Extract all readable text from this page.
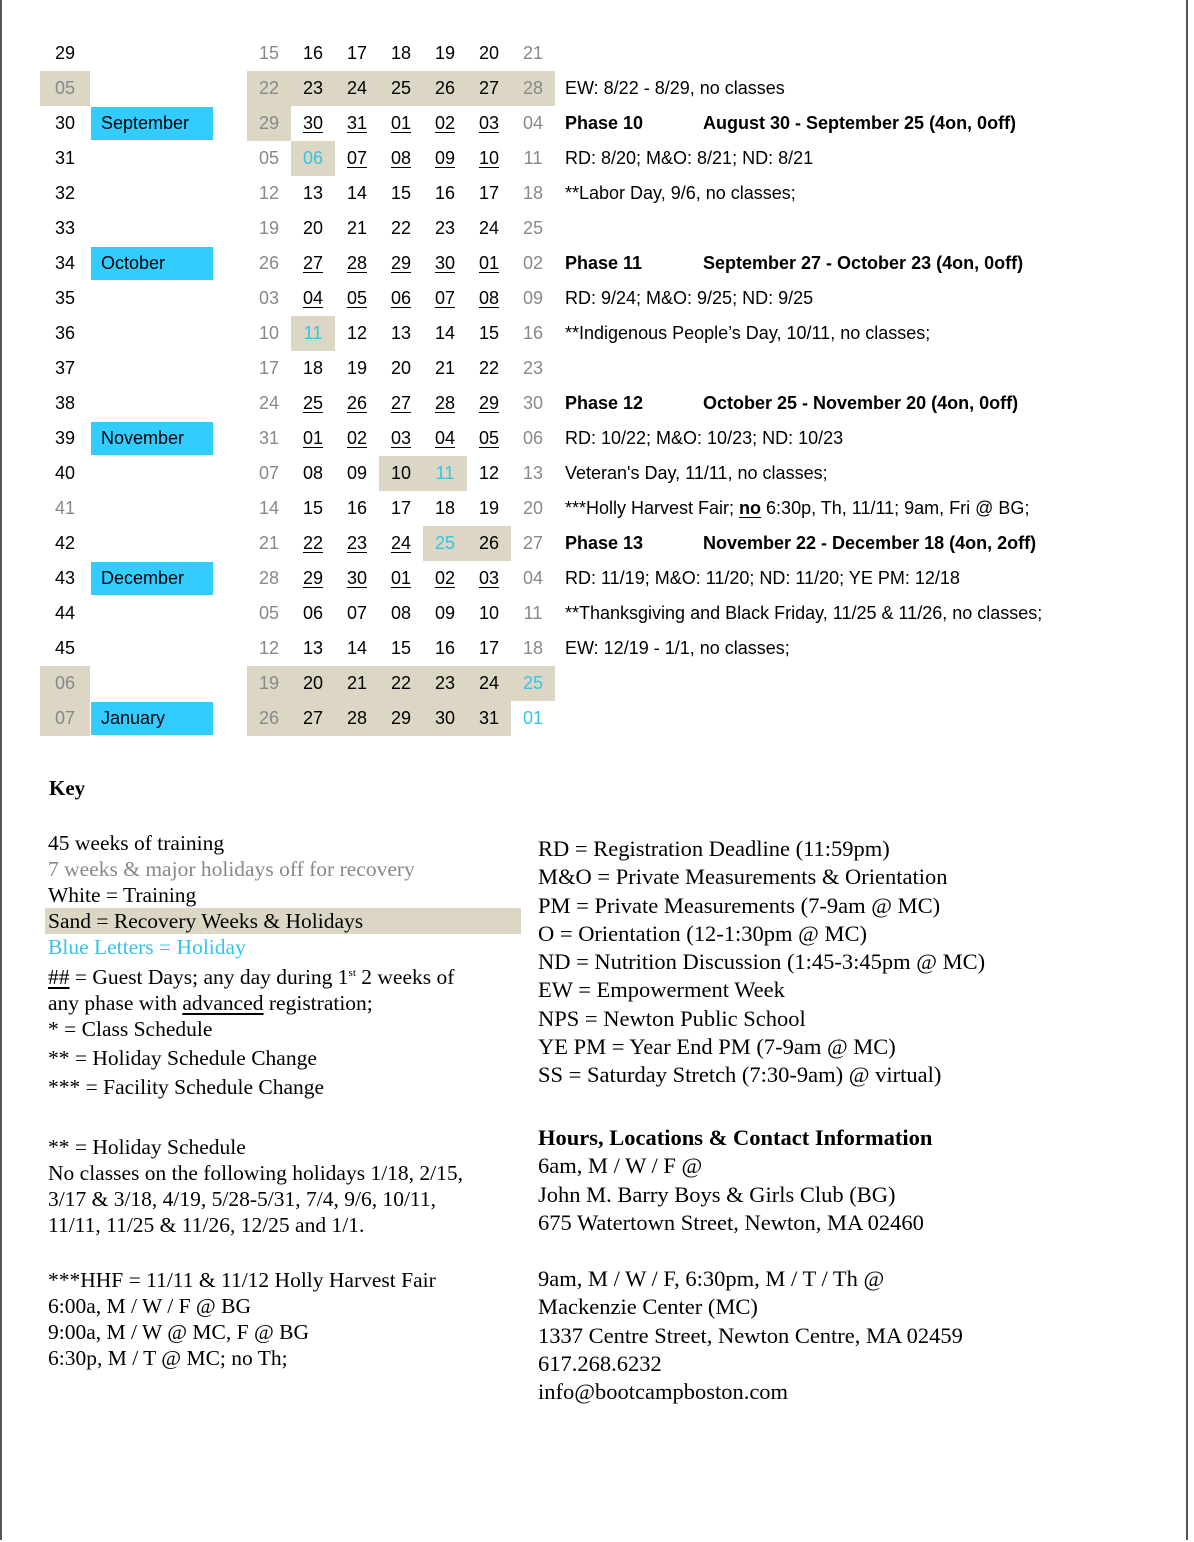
29	15	16	17	18	19	20	21
05	22	23	24	25	26	27	28	EW: 8/22 - 8/29, no classes
30	September	29	30	31	01	02	03	04	Phase 10	August 30 - September 25 (4on, 0off)
31	05	06	07	08	09	10	11	RD: 8/20; M&O: 8/21; ND: 8/21
32	12	13	14	15	16	17	18	**Labor Day, 9/6, no classes;
33	19	20	21	22	23	24	25
34	October	26	27	28	29	30	01	02	Phase 11	September 27 - October 23 (4on, 0off)
35	03	04	05	06	07	08	09	RD: 9/24; M&O: 9/25; ND: 9/25
36	10	11	12	13	14	15	16	**Indigenous People’s Day, 10/11, no classes;
37	17	18	19	20	21	22	23
38	24	25	26	27	28	29	30	Phase 12	October 25 - November 20 (4on, 0off)
39	November	31	01	02	03	04	05	06	RD: 10/22; M&O: 10/23; ND: 10/23
40	07	08	09	10	11	12	13	Veteran's Day, 11/11, no classes;
41	14	15	16	17	18	19	20	***Holly Harvest Fair; no 6:30p, Th, 11/11; 9am, Fri @ BG;
42	21	22	23	24	25	26	27	Phase 13	November 22 - December 18 (4on, 2off)
43	December	28	29	30	01	02	03	04	RD: 11/19; M&O: 11/20; ND: 11/20; YE PM: 12/18
44	05	06	07	08	09	10	11	**Thanksgiving and Black Friday, 11/25 & 11/26, no classes;
45	12	13	14	15	16	17	18	EW: 12/19 - 1/1, no classes;
06	19	20	21	22	23	24	25
07	January	26	27	28	29	30	31	01
Key
45 weeks of training
7 weeks & major holidays off for recovery
White = Training
Sand = Recovery Weeks & Holidays
Blue Letters = Holiday
## = Guest Days; any day during 1st 2 weeks of
any phase with advanced registration;
* = Class Schedule
** = Holiday Schedule Change
*** = Facility Schedule Change
RD = Registration Deadline (11:59pm)
M&O = Private Measurements & Orientation
PM = Private Measurements (7-9am @ MC)
O = Orientation (12-1:30pm @ MC)
ND = Nutrition Discussion (1:45-3:45pm @ MC)
EW = Empowerment Week
NPS = Newton Public School
YE PM = Year End PM (7-9am @ MC)
SS = Saturday Stretch (7:30-9am) @ virtual)
** = Holiday Schedule
No classes on the following holidays 1/18, 2/15,
3/17 & 3/18, 4/19, 5/28-5/31, 7/4, 9/6, 10/11,
11/11, 11/25 & 11/26, 12/25 and 1/1.
***HHF = 11/11 & 11/12 Holly Harvest Fair
6:00a, M / W / F @ BG
9:00a, M / W @ MC, F @ BG
6:30p, M / T @ MC; no Th;
Hours, Locations & Contact Information
6am, M / W / F @
John M. Barry Boys & Girls Club (BG)
675 Watertown Street, Newton, MA 02460
9am, M / W / F, 6:30pm, M / T / Th @
Mackenzie Center (MC)
1337 Centre Street, Newton Centre, MA 02459
617.268.6232
info@bootcampboston.com
